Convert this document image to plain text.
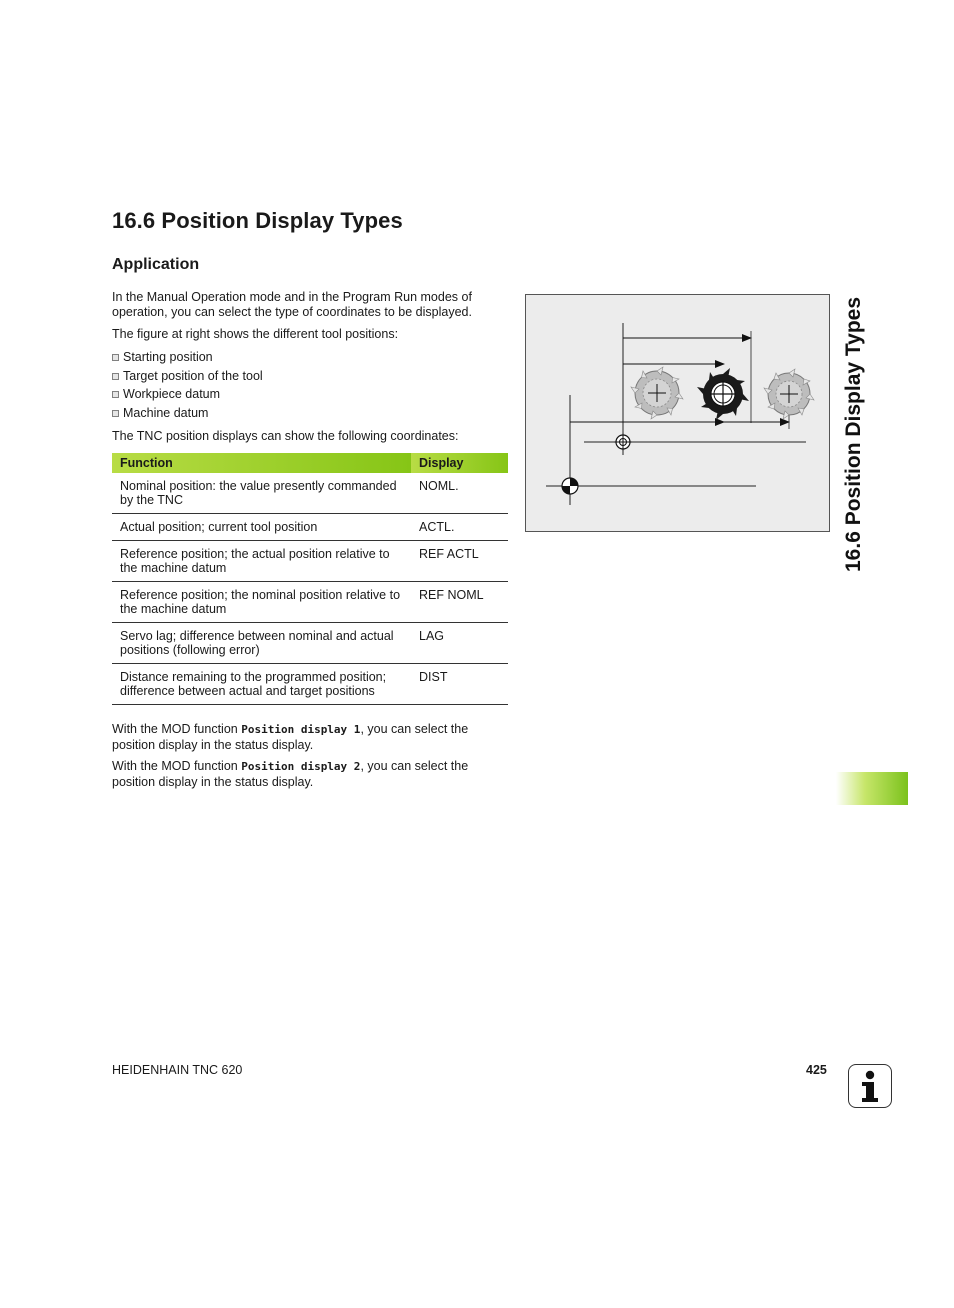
16.6 Position Display Types
Application

In the Manual Operation mode and in the Program Run modes of operation, you can select the type of coordinates to be displayed.

The figure at right shows the different tool positions:

Starting position
Target position of the tool
Workpiece datum
Machine datum

The TNC position displays can show the following coordinates:

Function	Display
Nominal position: the value presently commanded by the TNC	NOML.
Actual position; current tool position	ACTL.
Reference position; the actual position relative to the machine datum	REF ACTL
Reference position; the nominal position relative to the machine datum	REF NOML
Servo lag; difference between nominal and actual positions (following error)	LAG
Distance remaining to the programmed position; difference between actual and target positions	DIST

With the MOD function Position display 1, you can select the position display in the status display.

With the MOD function Position display 2, you can select the position display in the status display.

16.6 Position Display Types
HEIDENHAIN TNC 620	425
